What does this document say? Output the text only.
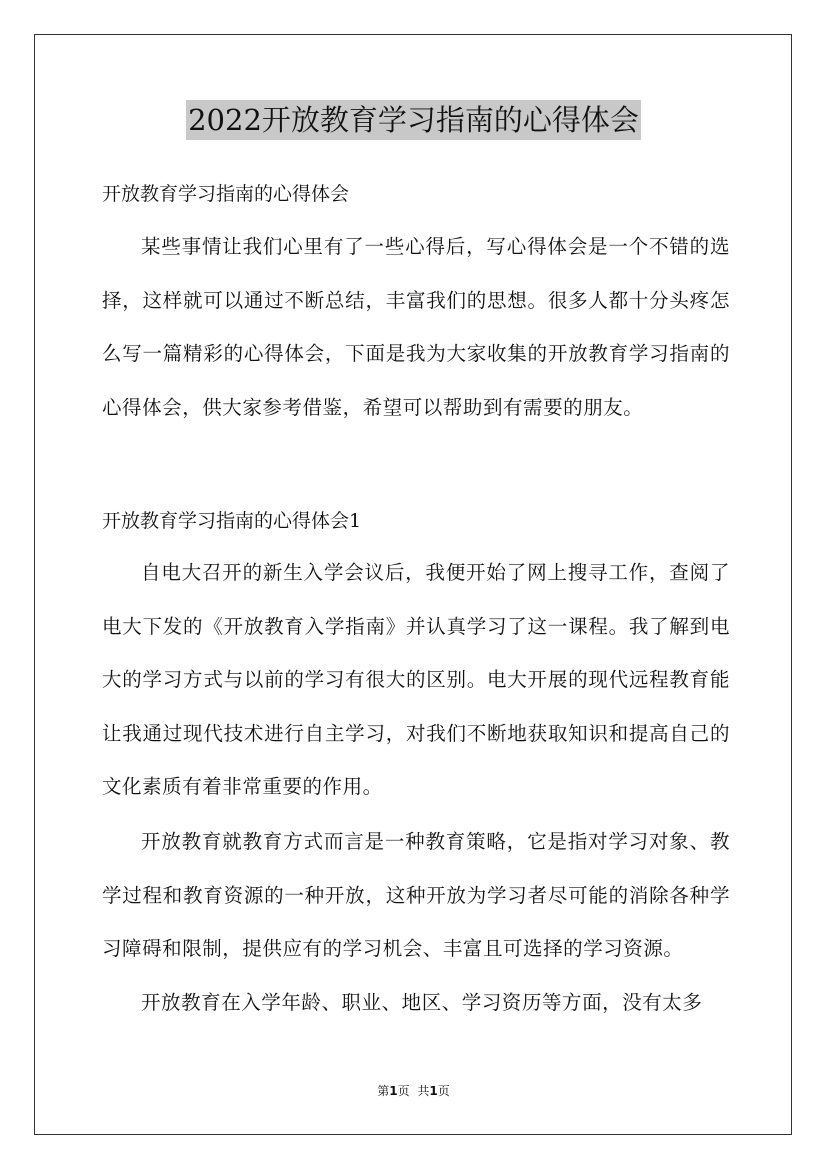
2022开放教育学习指南的心得体会
开放教育学习指南的心得体会

某些事情让我们心里有了一些心得后，写心得体会是一个不错的选择，这样就可以通过不断总结，丰富我们的思想。很多人都十分头疼怎么写一篇精彩的心得体会，下面是我为大家收集的开放教育学习指南的心得体会，供大家参考借鉴，希望可以帮助到有需要的朋友。

开放教育学习指南的心得体会1

自电大召开的新生入学会议后，我便开始了网上搜寻工作，查阅了电大下发的《开放教育入学指南》并认真学习了这一课程。我了解到电大的学习方式与以前的学习有很大的区别。电大开展的现代远程教育能让我通过现代技术进行自主学习，对我们不断地获取知识和提高自己的文化素质有着非常重要的作用。

开放教育就教育方式而言是一种教育策略，它是指对学习对象、教学过程和教育资源的一种开放，这种开放为学习者尽可能的消除各种学习障碍和限制，提供应有的学习机会、丰富且可选择的学习资源。

开放教育在入学年龄、职业、地区、学习资历等方面，没有太多

第1页 共1页
